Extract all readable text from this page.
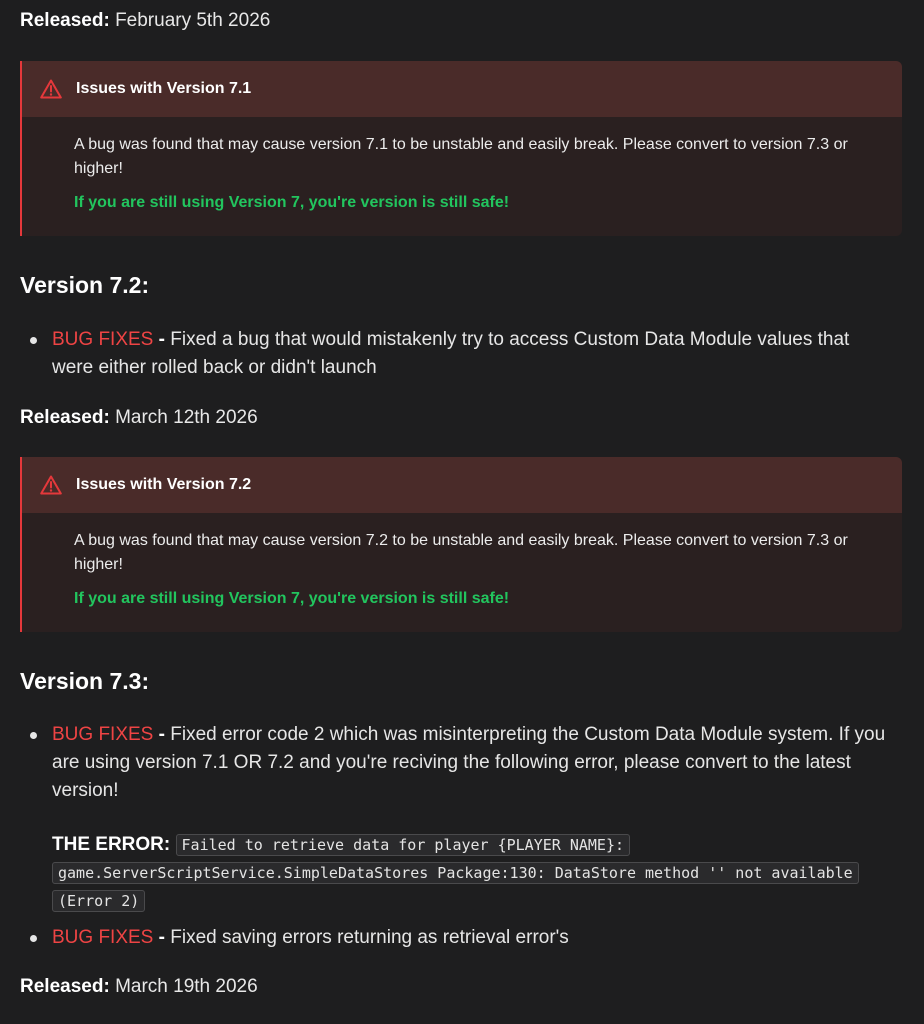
Released: February 5th 2026
Issues with Version 7.1

A bug was found that may cause version 7.1 to be unstable and easily break. Please convert to version 7.3 or higher!

If you are still using Version 7, you're version is still safe!

Version 7.2:
BUG FIXES - Fixed a bug that would mistakenly try to access Custom Data Module values that were either rolled back or didn't launch
Released: March 12th 2026
Issues with Version 7.2

A bug was found that may cause version 7.2 to be unstable and easily break. Please convert to version 7.3 or higher!

If you are still using Version 7, you're version is still safe!

Version 7.3:
BUG FIXES - Fixed error code 2 which was misinterpreting the Custom Data Module system. If you are using version 7.1 OR 7.2 and you're reciving the following error, please convert to the latest version!
THE ERROR: Failed to retrieve data for player {PLAYER NAME}: game.ServerScriptService.SimpleDataStores Package:130: DataStore method '' not available (Error 2)
BUG FIXES - Fixed saving errors returning as retrieval error's
Released: March 19th 2026
